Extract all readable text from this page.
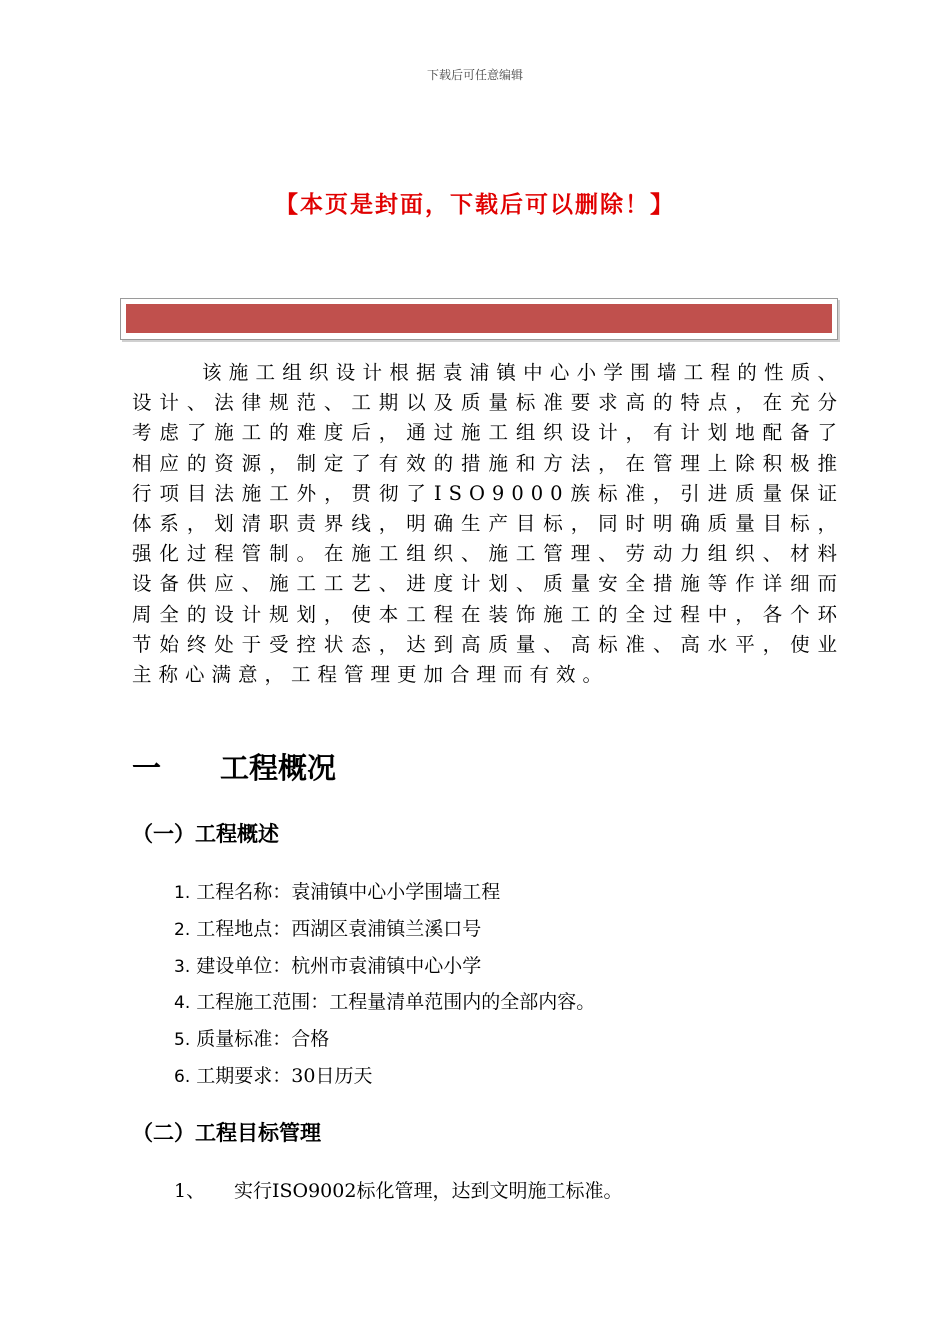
下载后可任意编辑
【本页是封面，下载后可以删除！】

该施工组织设计根据袁浦镇中心小学围墙工程的性质、设计、法律规范、工期以及质量标准要求高的特点，在充分考虑了施工的难度后，通过施工组织设计，有计划地配备了相应的资源，制定了有效的措施和方法，在管理上除积极推行项目法施工外，贯彻了ISO9000族标准，引进质量保证体系，划清职责界线，明确生产目标，同时明确质量目标，强化过程管制。在施工组织、施工管理、劳动力组织、材料设备供应、施工工艺、进度计划、质量安全措施等作详细而周全的设计规划，使本工程在装饰施工的全过程中，各个环节始终处于受控状态，达到高质量、高标准、高水平，使业主称心满意，工程管理更加合理而有效。

一 工程概况
（一）工程概述
1. 工程名称：袁浦镇中心小学围墙工程
2. 工程地点：西湖区袁浦镇兰溪口号
3. 建设单位：杭州市袁浦镇中心小学
4. 工程施工范围：工程量清单范围内的全部内容。
5. 质量标准：合格
6. 工期要求：30日历天
（二）工程目标管理
1、 实行ISO9002标化管理，达到文明施工标准。
